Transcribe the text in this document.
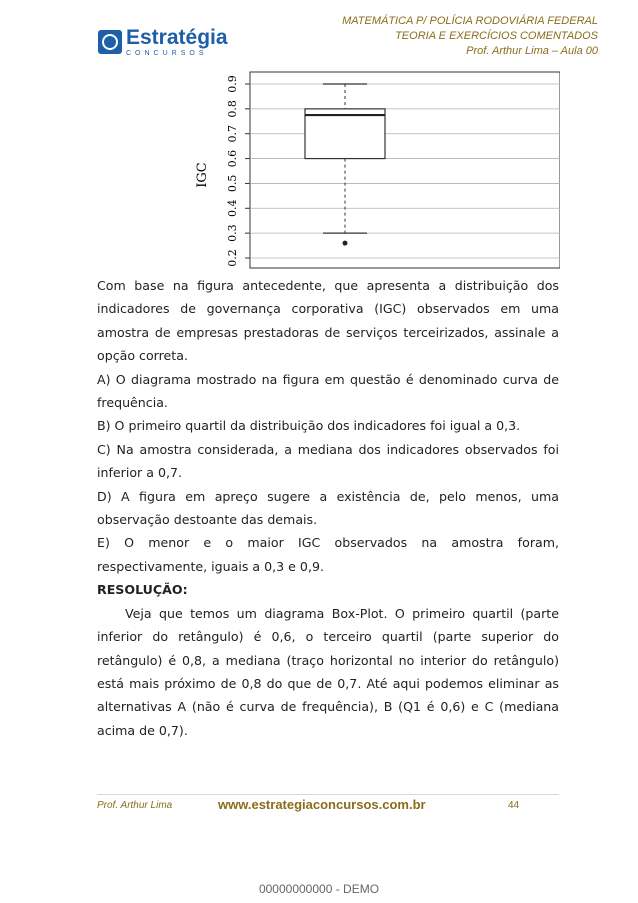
MATEMÁTICA P/ POLÍCIA RODOVIÁRIA FEDERAL
TEORIA E EXERCÍCIOS COMENTADOS
Prof. Arthur Lima – Aula 00
Estratégia
CONCURSOS
0.2
0.3
0.4
0.5
0.6
0.7
0.8
0.9
IGC

Com base na figura antecedente, que apresenta a distribuição dos indicadores de governança corporativa (IGC) observados em uma amostra de empresas prestadoras de serviços terceirizados, assinale a opção correta.

A) O diagrama mostrado na figura em questão é denominado curva de frequência.

B) O primeiro quartil da distribuição dos indicadores foi igual a 0,3.

C) Na amostra considerada, a mediana dos indicadores observados foi inferior a 0,7.

D) A figura em apreço sugere a existência de, pelo menos, uma observação destoante das demais.

E) O menor e o maior IGC observados na amostra foram, respectivamente, iguais a 0,3 e 0,9.

RESOLUÇÃO:

Veja que temos um diagrama Box-Plot. O primeiro quartil (parte inferior do retângulo) é 0,6, o terceiro quartil (parte superior do retângulo) é 0,8, a mediana (traço horizontal no interior do retângulo) está mais próximo de 0,8 do que de 0,7. Até aqui podemos eliminar as alternativas A (não é curva de frequência), B (Q1 é 0,6) e C (mediana acima de 0,7).

Prof. Arthur Lima	www.estrategiaconcursos.com.br	44
00000000000 - DEMO
